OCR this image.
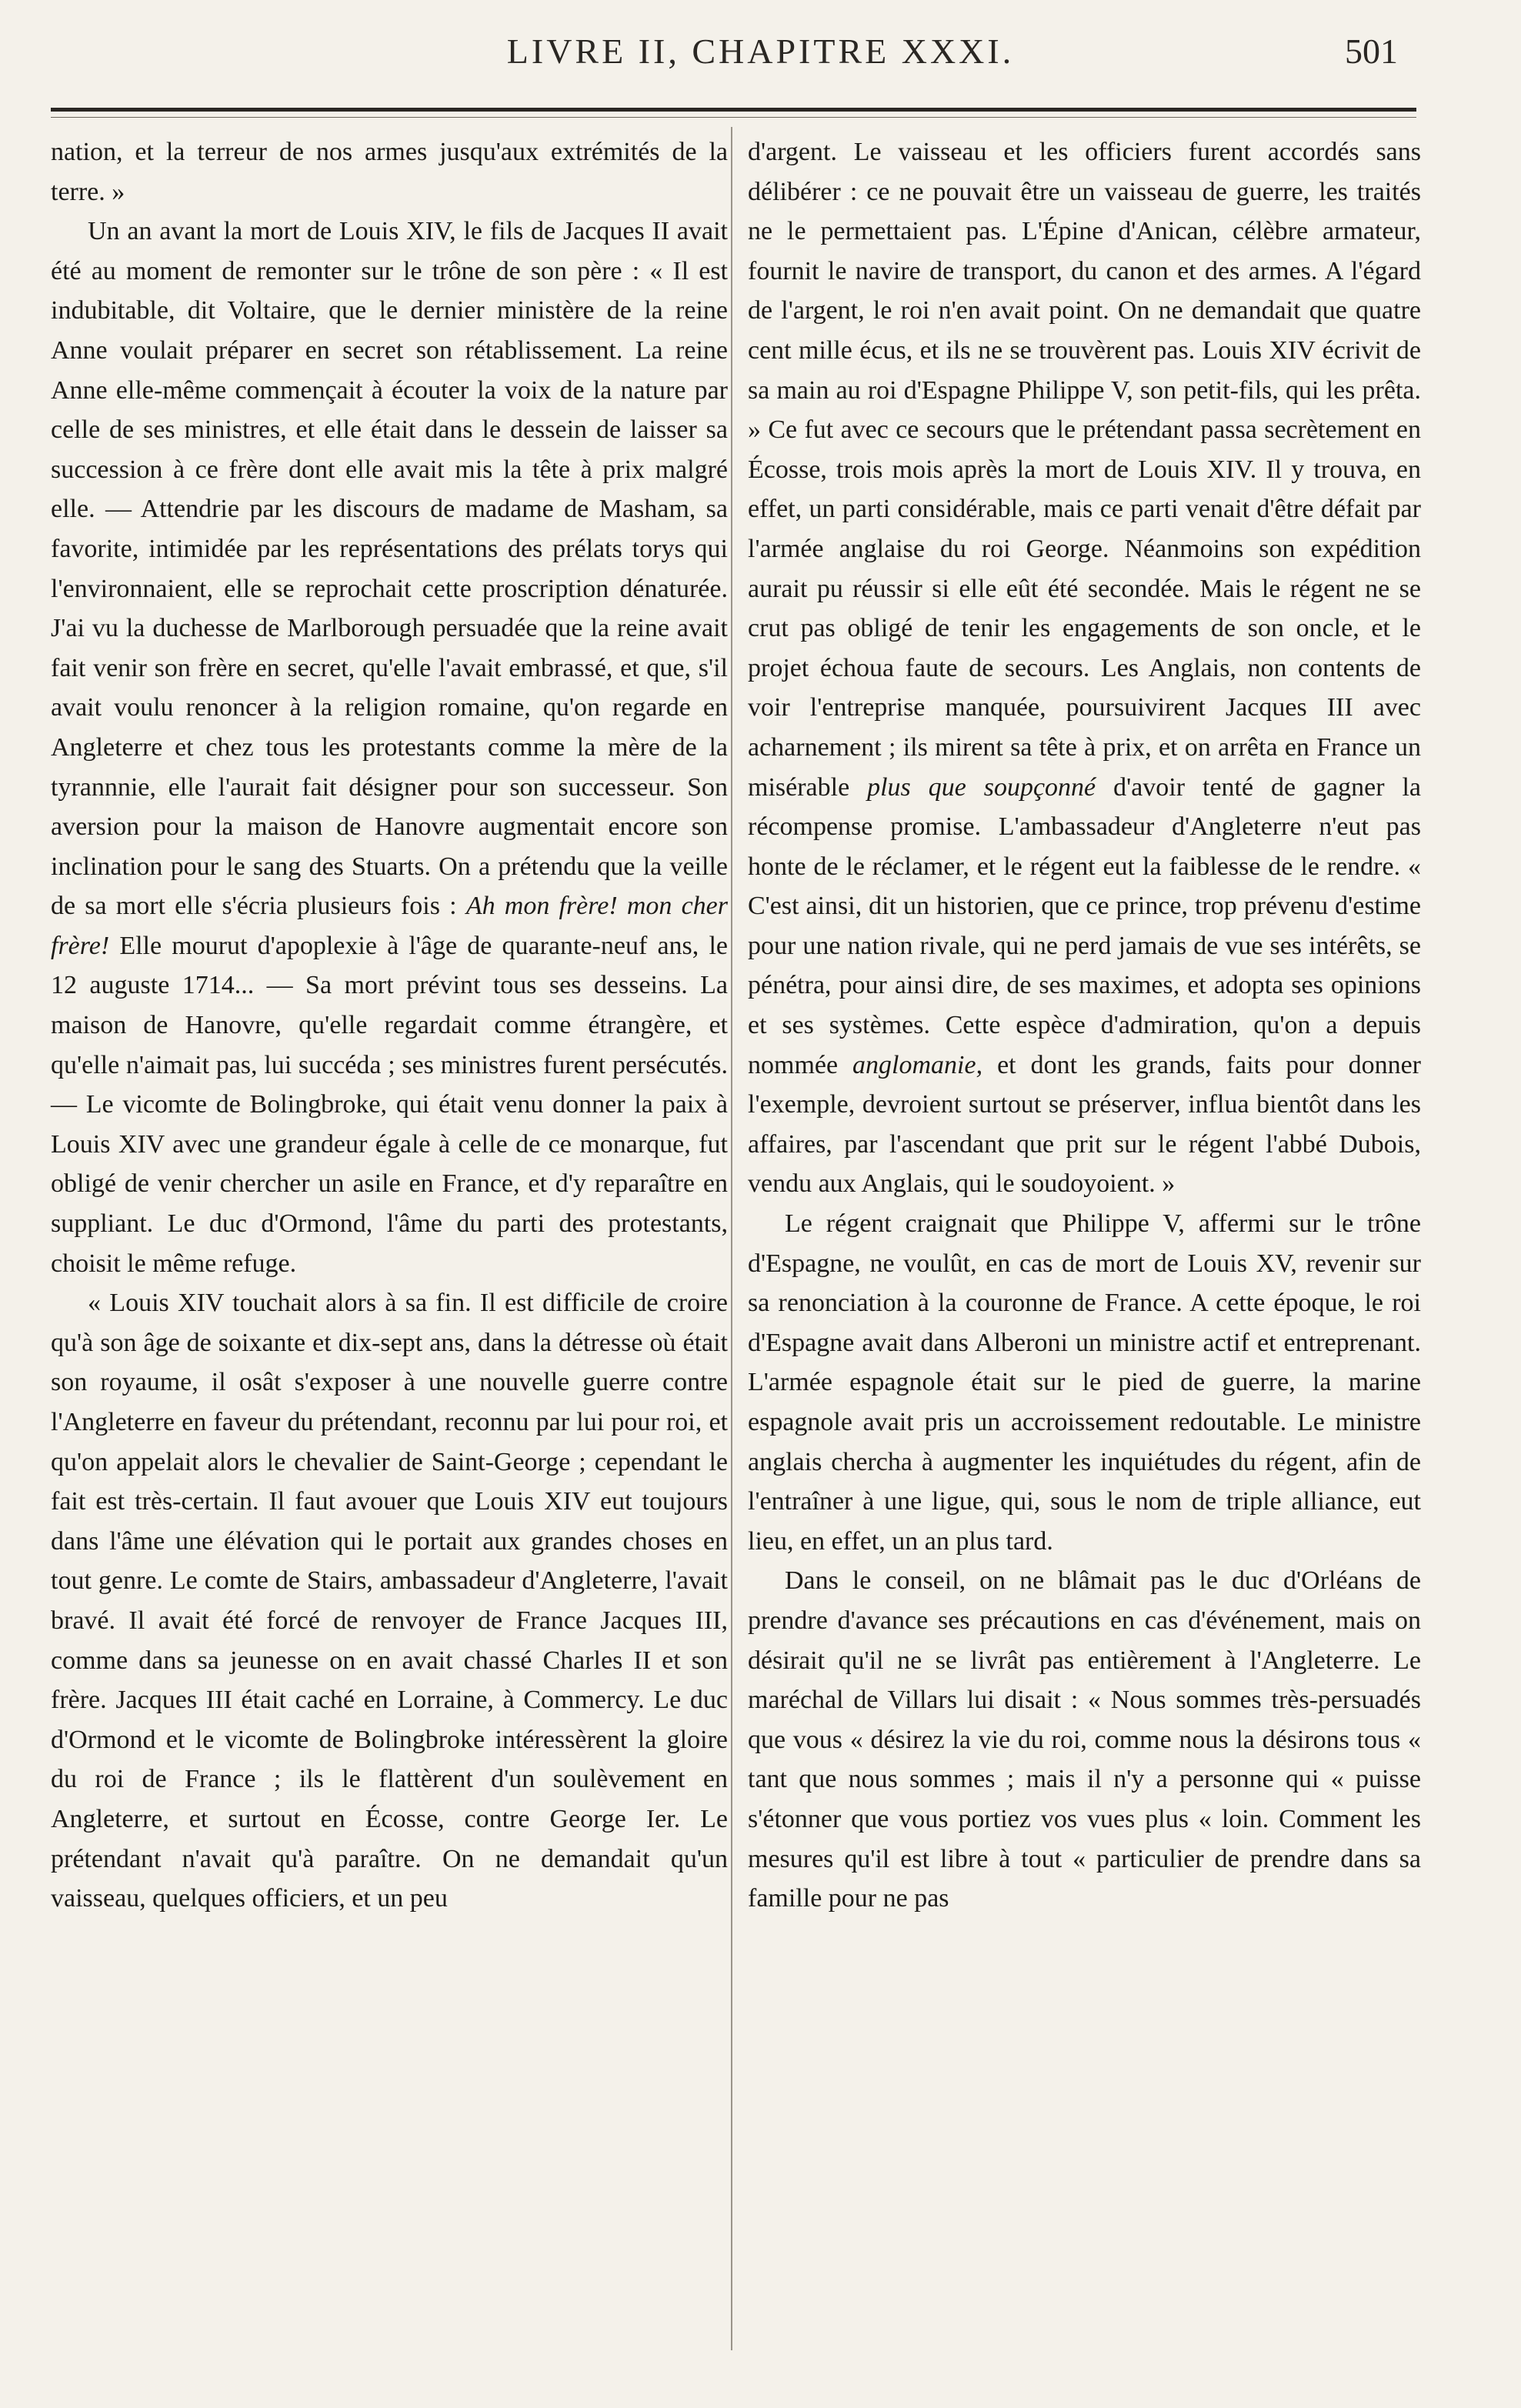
LIVRE II, CHAPITRE XXXI.	501

nation, et la terreur de nos armes jusqu'aux extrémités de la terre. »

Un an avant la mort de Louis XIV, le fils de Jacques II avait été au moment de remonter sur le trône de son père : « Il est indubitable, dit Voltaire, que le dernier ministère de la reine Anne voulait préparer en secret son rétablissement. La reine Anne elle-même commençait à écouter la voix de la nature par celle de ses ministres, et elle était dans le dessein de laisser sa succession à ce frère dont elle avait mis la tête à prix malgré elle. — Attendrie par les discours de madame de Masham, sa favorite, intimidée par les représentations des prélats torys qui l'environnaient, elle se reprochait cette proscription dénaturée. J'ai vu la duchesse de Marlborough persuadée que la reine avait fait venir son frère en secret, qu'elle l'avait embrassé, et que, s'il avait voulu renoncer à la religion romaine, qu'on regarde en Angleterre et chez tous les protestants comme la mère de la tyrannnie, elle l'aurait fait désigner pour son successeur. Son aversion pour la maison de Hanovre augmentait encore son inclination pour le sang des Stuarts. On a prétendu que la veille de sa mort elle s'écria plusieurs fois : Ah mon frère! mon cher frère! Elle mourut d'apoplexie à l'âge de quarante-neuf ans, le 12 auguste 1714... — Sa mort prévint tous ses desseins. La maison de Hanovre, qu'elle regardait comme étrangère, et qu'elle n'aimait pas, lui succéda ; ses ministres furent persécutés. — Le vicomte de Bolingbroke, qui était venu donner la paix à Louis XIV avec une grandeur égale à celle de ce monarque, fut obligé de venir chercher un asile en France, et d'y reparaître en suppliant. Le duc d'Ormond, l'âme du parti des protestants, choisit le même refuge.

« Louis XIV touchait alors à sa fin. Il est difficile de croire qu'à son âge de soixante et dix-sept ans, dans la détresse où était son royaume, il osât s'exposer à une nouvelle guerre contre l'Angleterre en faveur du prétendant, reconnu par lui pour roi, et qu'on appelait alors le chevalier de Saint-George ; cependant le fait est très-certain. Il faut avouer que Louis XIV eut toujours dans l'âme une élévation qui le portait aux grandes choses en tout genre. Le comte de Stairs, ambassadeur d'Angleterre, l'avait bravé. Il avait été forcé de renvoyer de France Jacques III, comme dans sa jeunesse on en avait chassé Charles II et son frère. Jacques III était caché en Lorraine, à Commercy. Le duc d'Ormond et le vicomte de Bolingbroke intéressèrent la gloire du roi de France ; ils le flattèrent d'un soulèvement en Angleterre, et surtout en Écosse, contre George Ier. Le prétendant n'avait qu'à paraître. On ne demandait qu'un vaisseau, quelques officiers, et un peu

d'argent. Le vaisseau et les officiers furent accordés sans délibérer : ce ne pouvait être un vaisseau de guerre, les traités ne le permettaient pas. L'Épine d'Anican, célèbre armateur, fournit le navire de transport, du canon et des armes. A l'égard de l'argent, le roi n'en avait point. On ne demandait que quatre cent mille écus, et ils ne se trouvèrent pas. Louis XIV écrivit de sa main au roi d'Espagne Philippe V, son petit-fils, qui les prêta. » Ce fut avec ce secours que le prétendant passa secrètement en Écosse, trois mois après la mort de Louis XIV. Il y trouva, en effet, un parti considérable, mais ce parti venait d'être défait par l'armée anglaise du roi George. Néanmoins son expédition aurait pu réussir si elle eût été secondée. Mais le régent ne se crut pas obligé de tenir les engagements de son oncle, et le projet échoua faute de secours. Les Anglais, non contents de voir l'entreprise manquée, poursuivirent Jacques III avec acharnement ; ils mirent sa tête à prix, et on arrêta en France un misérable plus que soupçonné d'avoir tenté de gagner la récompense promise. L'ambassadeur d'Angleterre n'eut pas honte de le réclamer, et le régent eut la faiblesse de le rendre. « C'est ainsi, dit un historien, que ce prince, trop prévenu d'estime pour une nation rivale, qui ne perd jamais de vue ses intérêts, se pénétra, pour ainsi dire, de ses maximes, et adopta ses opinions et ses systèmes. Cette espèce d'admiration, qu'on a depuis nommée anglomanie, et dont les grands, faits pour donner l'exemple, devroient surtout se préserver, influa bientôt dans les affaires, par l'ascendant que prit sur le régent l'abbé Dubois, vendu aux Anglais, qui le soudoyoient. »

Le régent craignait que Philippe V, affermi sur le trône d'Espagne, ne voulût, en cas de mort de Louis XV, revenir sur sa renonciation à la couronne de France. A cette époque, le roi d'Espagne avait dans Alberoni un ministre actif et entreprenant. L'armée espagnole était sur le pied de guerre, la marine espagnole avait pris un accroissement redoutable. Le ministre anglais chercha à augmenter les inquiétudes du régent, afin de l'entraîner à une ligue, qui, sous le nom de triple alliance, eut lieu, en effet, un an plus tard.

Dans le conseil, on ne blâmait pas le duc d'Orléans de prendre d'avance ses précautions en cas d'événement, mais on désirait qu'il ne se livrât pas entièrement à l'Angleterre. Le maréchal de Villars lui disait : « Nous sommes très-persuadés que vous « désirez la vie du roi, comme nous la désirons tous « tant que nous sommes ; mais il n'y a personne qui « puisse s'étonner que vous portiez vos vues plus « loin. Comment les mesures qu'il est libre à tout « particulier de prendre dans sa famille pour ne pas
